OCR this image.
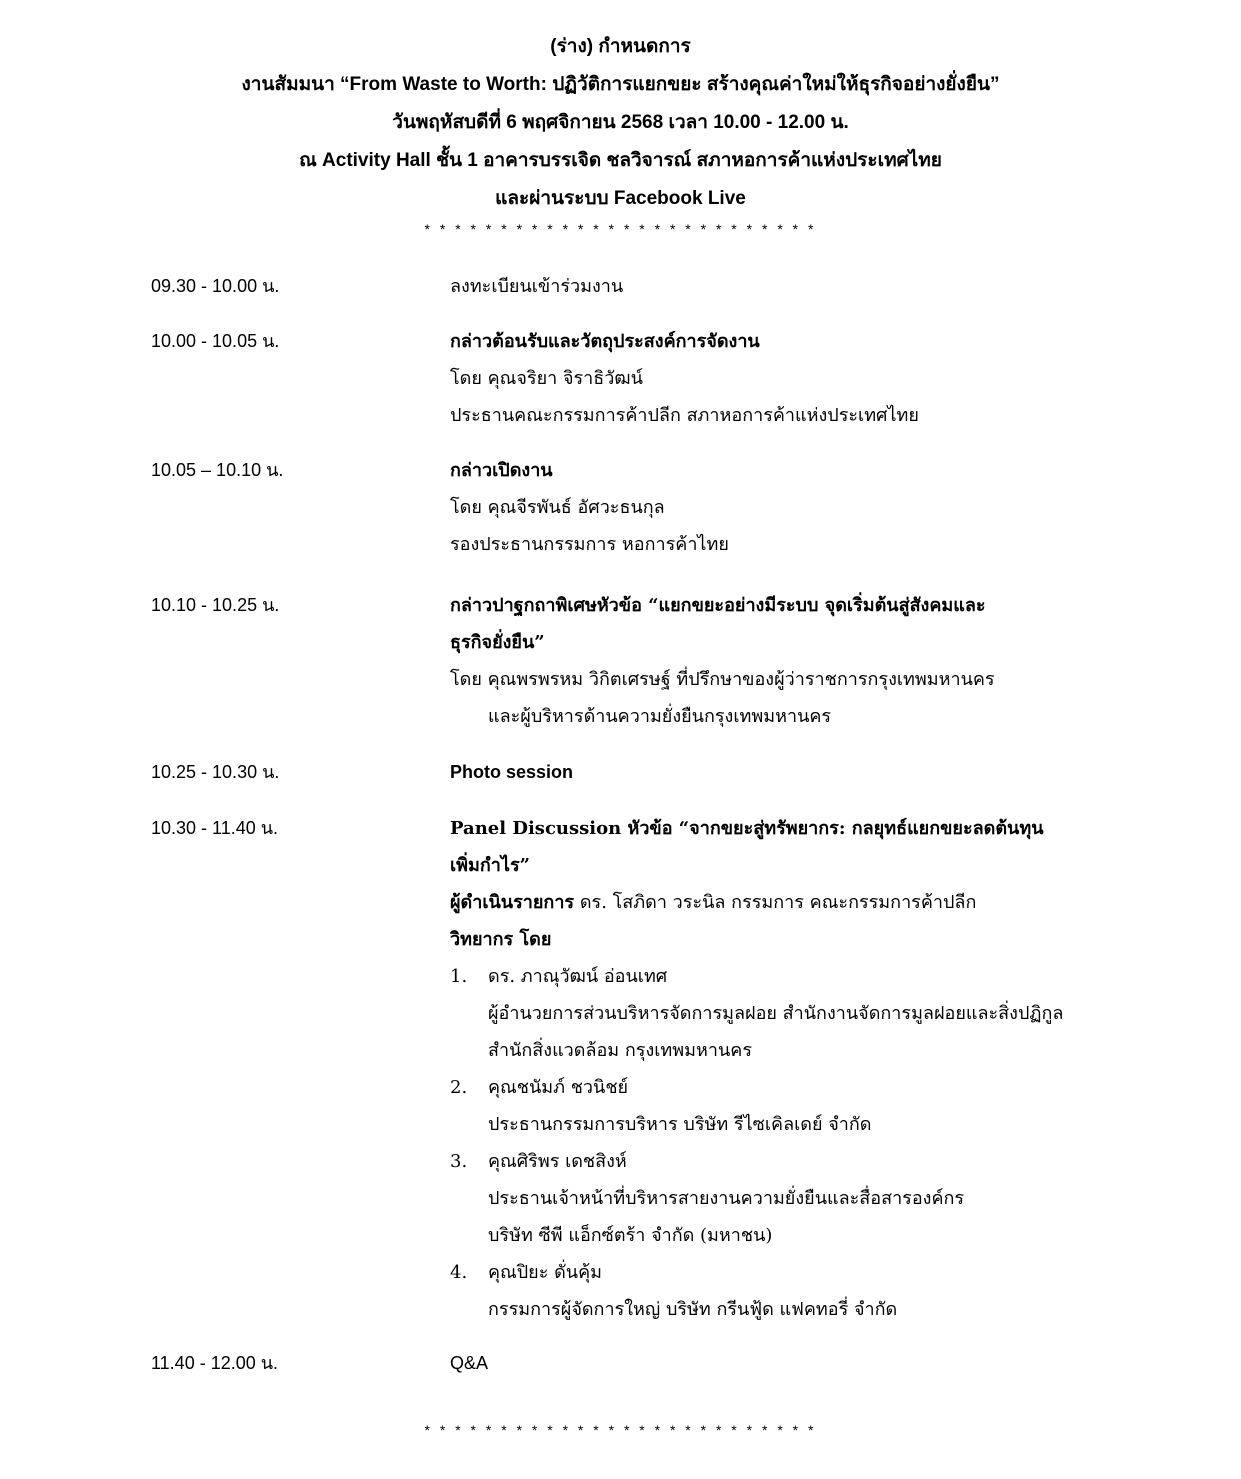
(ร่าง) กำหนดการ
งานสัมมนา “From Waste to Worth: ปฏิวัติการแยกขยะ สร้างคุณค่าใหม่ให้ธุรกิจอย่างยั่งยืน”
วันพฤหัสบดีที่ 6 พฤศจิกายน 2568 เวลา 10.00 - 12.00 น.
ณ Activity Hall ชั้น 1 อาคารบรรเจิด ชลวิจารณ์ สภาหอการค้าแห่งประเทศไทย
และผ่านระบบ Facebook Live
* * * * * * * * * * * * * * * * * * * * * * * * * *
09.30 - 10.00 น.	ลงทะเบียนเข้าร่วมงาน
10.00 - 10.05 น.	กล่าวต้อนรับและวัตถุประสงค์การจัดงาน
โดย คุณจริยา จิราธิวัฒน์
ประธานคณะกรรมการค้าปลีก สภาหอการค้าแห่งประเทศไทย
10.05 – 10.10 น.	กล่าวเปิดงาน
โดย คุณจีรพันธ์ อัศวะธนกุล
รองประธานกรรมการ หอการค้าไทย
10.10 - 10.25 น.	กล่าวปาฐกถาพิเศษหัวข้อ “แยกขยะอย่างมีระบบ จุดเริ่มต้นสู่สังคมและ
ธุรกิจยั่งยืน”
โดย คุณพรพรหม วิกิตเศรษฐ์ ที่ปรึกษาของผู้ว่าราชการกรุงเทพมหานคร
และผู้บริหารด้านความยั่งยืนกรุงเทพมหานคร
10.25 - 10.30 น.	Photo session
10.30 - 11.40 น.	Panel Discussion หัวข้อ “จากขยะสู่ทรัพยากร: กลยุทธ์แยกขยะลดต้นทุน
เพิ่มกำไร”
ผู้ดำเนินรายการ ดร. โสภิดา วระนิล กรรมการ คณะกรรมการค้าปลีก
วิทยากร โดย
1.	ดร. ภาณุวัฒน์ อ่อนเทศ
ผู้อำนวยการส่วนบริหารจัดการมูลฝอย สำนักงานจัดการมูลฝอยและสิ่งปฏิกูล
สำนักสิ่งแวดล้อม กรุงเทพมหานคร
2.	คุณชนัมภ์ ชวนิชย์
ประธานกรรมการบริหาร บริษัท รีไซเคิลเดย์ จำกัด
3.	คุณศิริพร เดชสิงห์
ประธานเจ้าหน้าที่บริหารสายงานความยั่งยืนและสื่อสารองค์กร
บริษัท ซีพี แอ็กซ์ตร้า จำกัด (มหาชน)
4.	คุณปิยะ ดั่นคุ้ม
กรรมการผู้จัดการใหญ่ บริษัท กรีนฟู้ด แฟคทอรี่ จำกัด
11.40 - 12.00 น.	Q&A
* * * * * * * * * * * * * * * * * * * * * * * * * *
